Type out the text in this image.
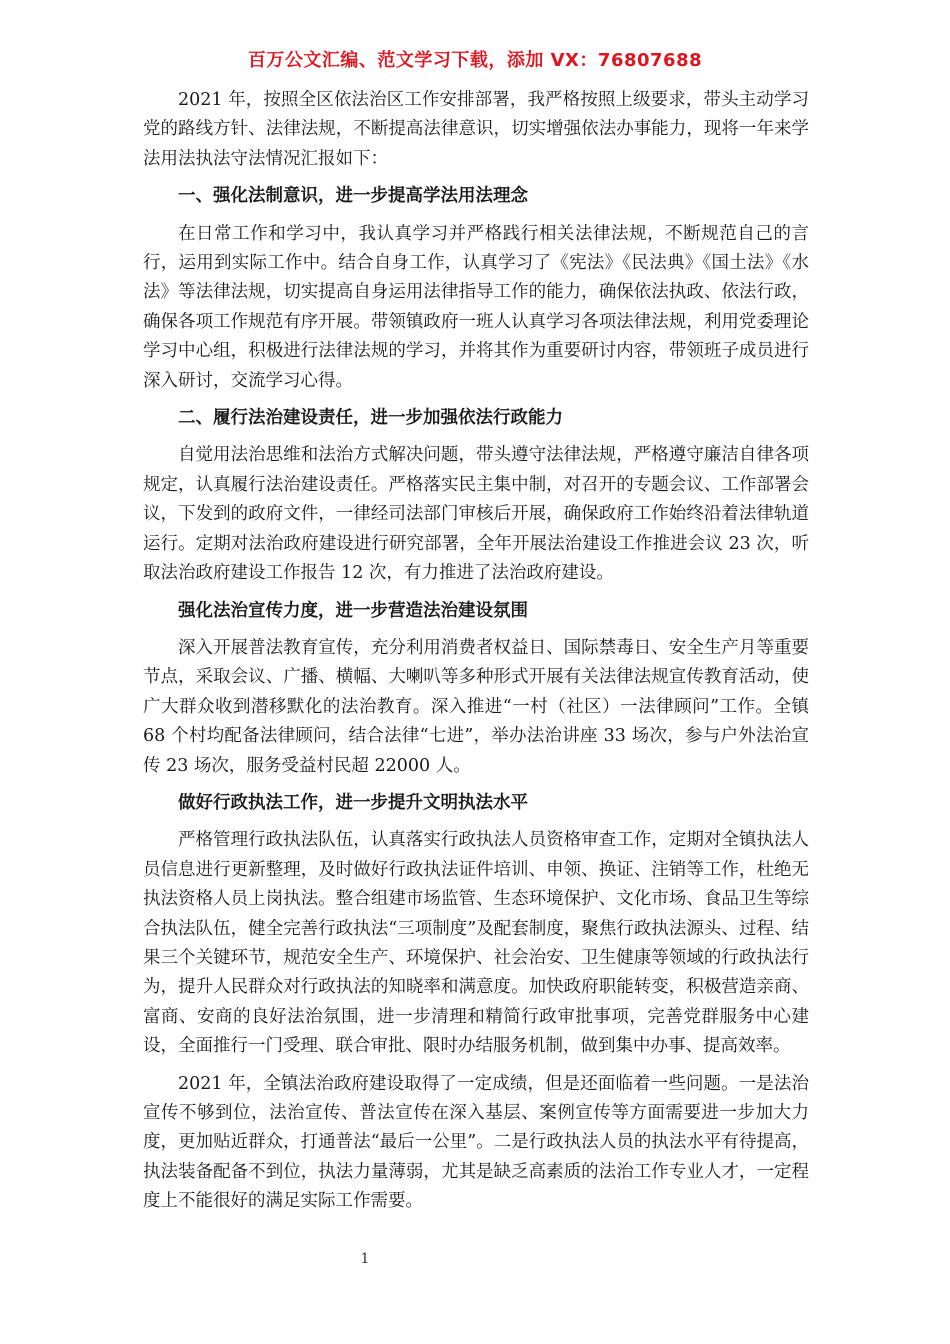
百万公文汇编、范文学习下载，添加 VX：76807688

2021 年，按照全区依法治区工作安排部署，我严格按照上级要求，带头主动学习党的路线方针、法律法规，不断提高法律意识，切实增强依法办事能力，现将一年来学法用法执法守法情况汇报如下：

一、强化法制意识，进一步提高学法用法理念

在日常工作和学习中，我认真学习并严格践行相关法律法规，不断规范自己的言行，运用到实际工作中。结合自身工作，认真学习了《宪法》《民法典》《国土法》《水法》等法律法规，切实提高自身运用法律指导工作的能力，确保依法执政、依法行政，确保各项工作规范有序开展。带领镇政府一班人认真学习各项法律法规，利用党委理论学习中心组，积极进行法律法规的学习，并将其作为重要研讨内容，带领班子成员进行深入研讨，交流学习心得。

二、履行法治建设责任，进一步加强依法行政能力

自觉用法治思维和法治方式解决问题，带头遵守法律法规，严格遵守廉洁自律各项规定，认真履行法治建设责任。严格落实民主集中制，对召开的专题会议、工作部署会议，下发到的政府文件，一律经司法部门审核后开展，确保政府工作始终沿着法律轨道运行。定期对法治政府建设进行研究部署，全年开展法治建设工作推进会议 23 次，听取法治政府建设工作报告 12 次，有力推进了法治政府建设。

强化法治宣传力度，进一步营造法治建设氛围

深入开展普法教育宣传，充分利用消费者权益日、国际禁毒日、安全生产月等重要节点，采取会议、广播、横幅、大喇叭等多种形式开展有关法律法规宣传教育活动，使广大群众收到潜移默化的法治教育。深入推进“一村（社区）一法律顾问”工作。全镇 68 个村均配备法律顾问，结合法律“七进”，举办法治讲座 33 场次，参与户外法治宣传 23 场次，服务受益村民超 22000 人。

做好行政执法工作，进一步提升文明执法水平

严格管理行政执法队伍，认真落实行政执法人员资格审查工作，定期对全镇执法人员信息进行更新整理，及时做好行政执法证件培训、申领、换证、注销等工作，杜绝无执法资格人员上岗执法。整合组建市场监管、生态环境保护、文化市场、食品卫生等综合执法队伍，健全完善行政执法“三项制度”及配套制度，聚焦行政执法源头、过程、结果三个关键环节，规范安全生产、环境保护、社会治安、卫生健康等领域的行政执法行为，提升人民群众对行政执法的知晓率和满意度。加快政府职能转变，积极营造亲商、富商、安商的良好法治氛围，进一步清理和精简行政审批事项，完善党群服务中心建设，全面推行一门受理、联合审批、限时办结服务机制，做到集中办事、提高效率。

2021 年，全镇法治政府建设取得了一定成绩，但是还面临着一些问题。一是法治宣传不够到位，法治宣传、普法宣传在深入基层、案例宣传等方面需要进一步加大力度，更加贴近群众，打通普法“最后一公里”。二是行政执法人员的执法水平有待提高，执法装备配备不到位，执法力量薄弱，尤其是缺乏高素质的法治工作专业人才，一定程度上不能很好的满足实际工作需要。

1
